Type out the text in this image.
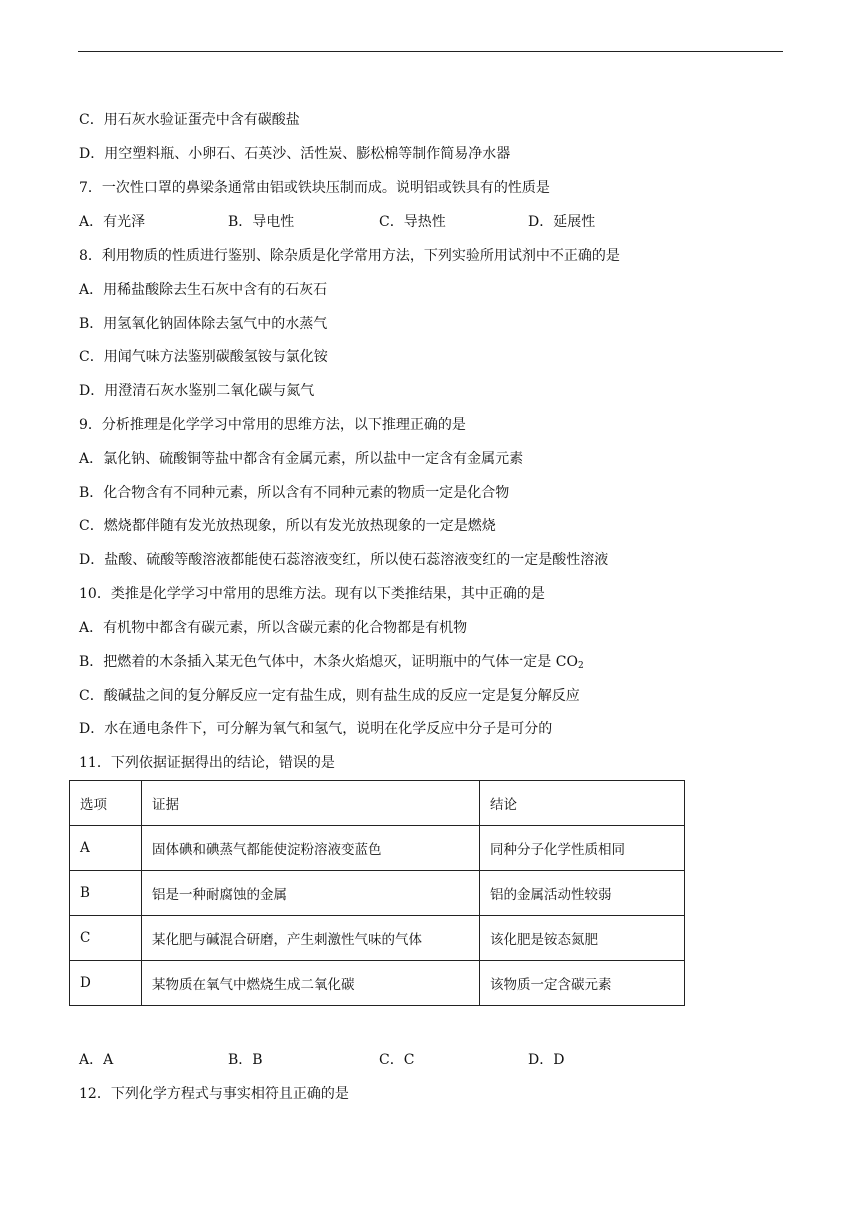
C．用石灰水验证蛋壳中含有碳酸盐
D．用空塑料瓶、小卵石、石英沙、活性炭、膨松棉等制作简易净水器
7．一次性口罩的鼻梁条通常由铝或铁块压制而成。说明铝或铁具有的性质是
A．有光泽	B．导电性	C．导热性	D．延展性
8．利用物质的性质进行鉴别、除杂质是化学常用方法，下列实验所用试剂中不正确的是
A．用稀盐酸除去生石灰中含有的石灰石
B．用氢氧化钠固体除去氢气中的水蒸气
C．用闻气味方法鉴别碳酸氢铵与氯化铵
D．用澄清石灰水鉴别二氧化碳与氮气
9．分析推理是化学学习中常用的思维方法，以下推理正确的是
A．氯化钠、硫酸铜等盐中都含有金属元素，所以盐中一定含有金属元素
B．化合物含有不同种元素，所以含有不同种元素的物质一定是化合物
C．燃烧都伴随有发光放热现象，所以有发光放热现象的一定是燃烧
D．盐酸、硫酸等酸溶液都能使石蕊溶液变红，所以使石蕊溶液变红的一定是酸性溶液
10．类推是化学学习中常用的思维方法。现有以下类推结果，其中正确的是
A．有机物中都含有碳元素，所以含碳元素的化合物都是有机物
B．把燃着的木条插入某无色气体中，木条火焰熄灭，证明瓶中的气体一定是 $CO_2$
C．酸碱盐之间的复分解反应一定有盐生成，则有盐生成的反应一定是复分解反应
D．水在通电条件下，可分解为氧气和氢气，说明在化学反应中分子是可分的
11．下列依据证据得出的结论，错误的是
选项	证据	结论
A	固体碘和碘蒸气都能使淀粉溶液变蓝色	同种分子化学性质相同
B	铝是一种耐腐蚀的金属	铝的金属活动性较弱
C	某化肥与碱混合研磨，产生刺激性气味的气体	该化肥是铵态氮肥
D	某物质在氧气中燃烧生成二氧化碳	该物质一定含碳元素
A．A	B．B	C．C	D．D
12．下列化学方程式与事实相符且正确的是
